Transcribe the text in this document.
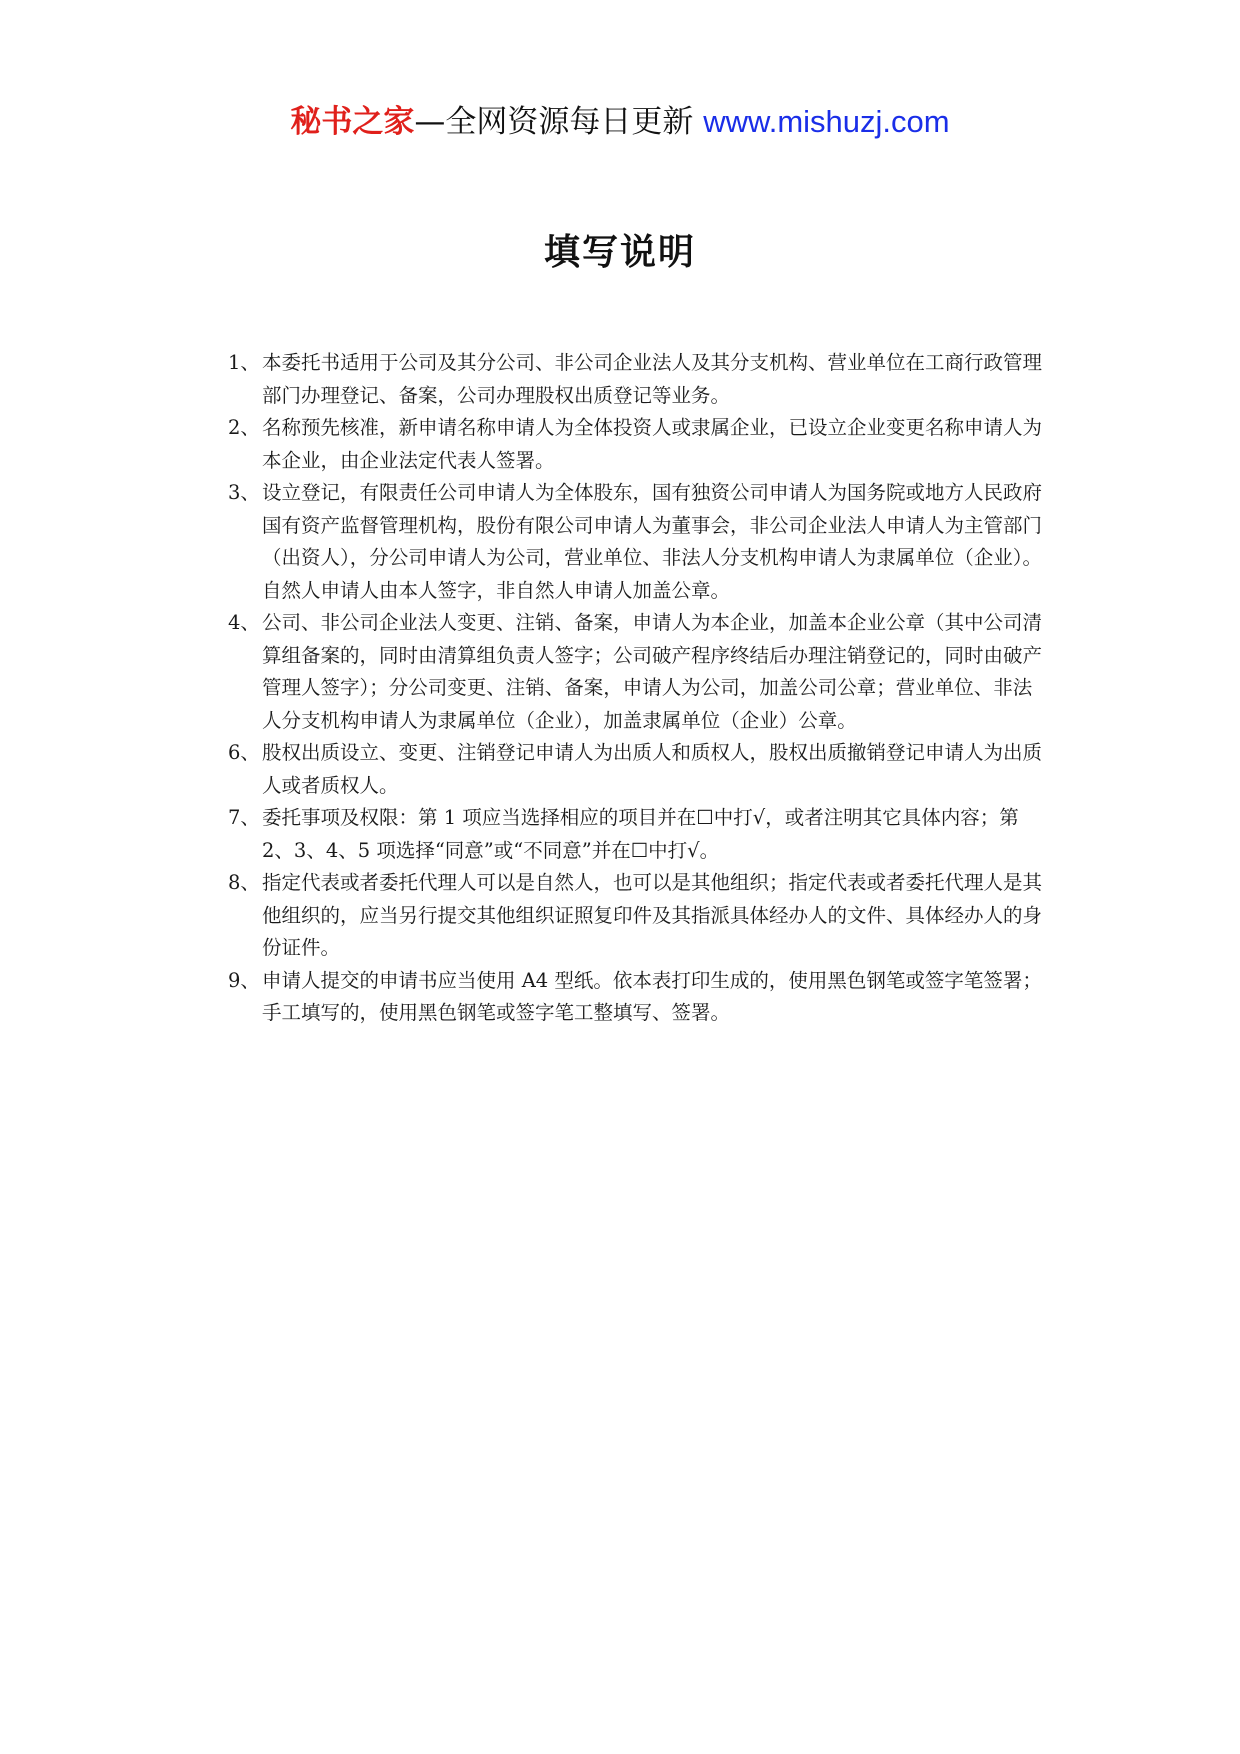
秘书之家—全网资源每日更新 www.mishuzj.com
填写说明
1、 本委托书适用于公司及其分公司、非公司企业法人及其分支机构、营业单位在工商行政管理部门办理登记、备案，公司办理股权出质登记等业务。
2、 名称预先核准，新申请名称申请人为全体投资人或隶属企业，已设立企业变更名称申请人为本企业，由企业法定代表人签署。
3、 设立登记，有限责任公司申请人为全体股东，国有独资公司申请人为国务院或地方人民政府国有资产监督管理机构，股份有限公司申请人为董事会，非公司企业法人申请人为主管部门（出资人），分公司申请人为公司，营业单位、非法人分支机构申请人为隶属单位（企业）。自然人申请人由本人签字，非自然人申请人加盖公章。
4、 公司、非公司企业法人变更、注销、备案，申请人为本企业，加盖本企业公章（其中公司清算组备案的，同时由清算组负责人签字；公司破产程序终结后办理注销登记的，同时由破产管理人签字）；分公司变更、注销、备案，申请人为公司，加盖公司公章；营业单位、非法人分支机构申请人为隶属单位（企业），加盖隶属单位（企业）公章。
6、 股权出质设立、变更、注销登记申请人为出质人和质权人，股权出质撤销登记申请人为出质人或者质权人。
7、 委托事项及权限：第 1 项应当选择相应的项目并在☐中打√，或者注明其它具体内容；第 2、3、4、5 项选择“同意”或“不同意”并在☐中打√。
8、 指定代表或者委托代理人可以是自然人，也可以是其他组织；指定代表或者委托代理人是其他组织的，应当另行提交其他组织证照复印件及其指派具体经办人的文件、具体经办人的身份证件。
9、 申请人提交的申请书应当使用 A4 型纸。依本表打印生成的，使用黑色钢笔或签字笔签署；手工填写的，使用黑色钢笔或签字笔工整填写、签署。
